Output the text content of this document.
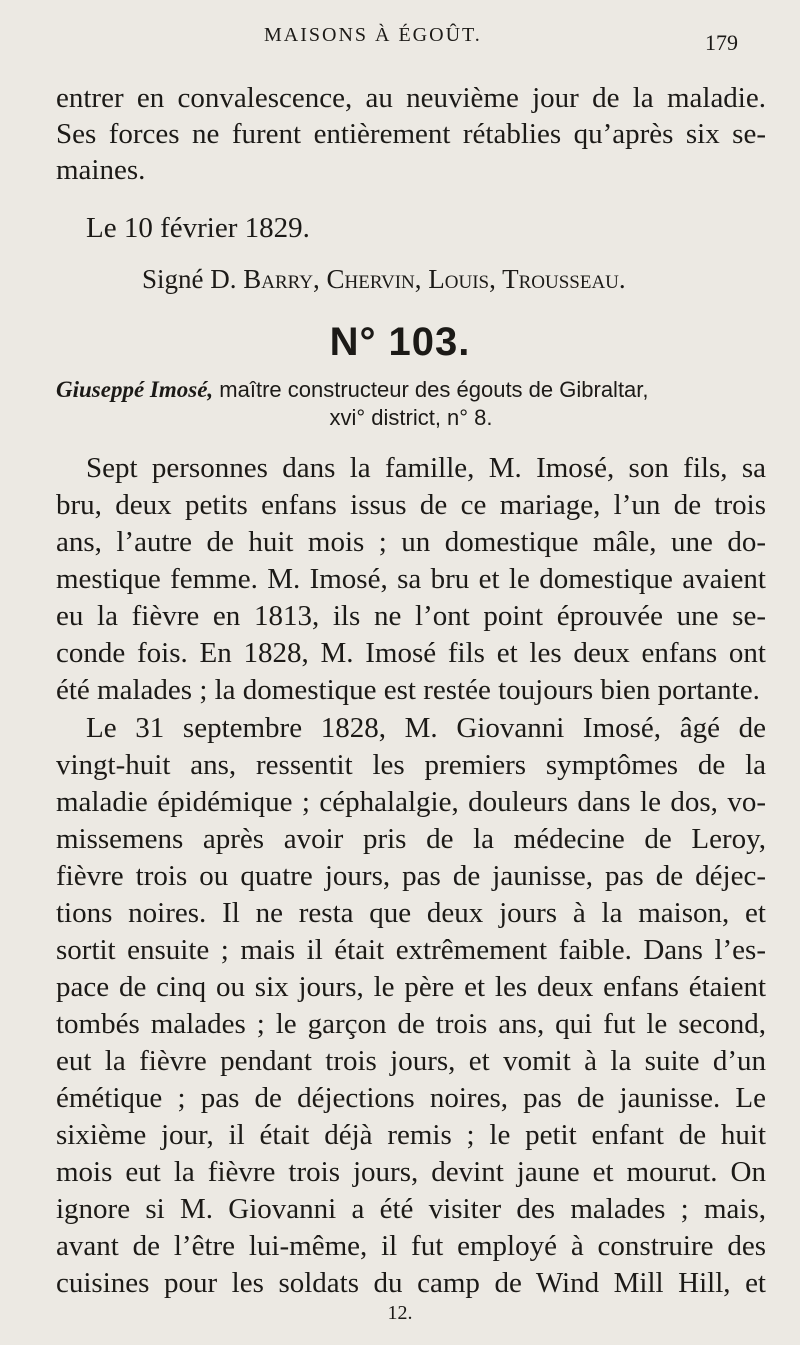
MAISONS À ÉGOÛT.	179
entrer en convalescence, au neuvième jour de la maladie.
Ses forces ne furent entièrement rétablies qu’après six se-
maines.
Le 10 février 1829.
Signé D. Barry, Chervin, Louis, Trousseau.
N° 103.
Giuseppé Imosé, maître constructeur des égouts de Gibraltar,
xvi° district, n° 8.
Sept personnes dans la famille, M. Imosé, son fils, sa
bru, deux petits enfans issus de ce mariage, l’un de trois
ans, l’autre de huit mois ; un domestique mâle, une do-
mestique femme. M. Imosé, sa bru et le domestique avaient
eu la fièvre en 1813, ils ne l’ont point éprouvée une se-
conde fois. En 1828, M. Imosé fils et les deux enfans ont
été malades ; la domestique est restée toujours bien portante.
Le 31 septembre 1828, M. Giovanni Imosé, âgé de
vingt-huit ans, ressentit les premiers symptômes de la
maladie épidémique ; céphalalgie, douleurs dans le dos, vo-
missemens après avoir pris de la médecine de Leroy,
fièvre trois ou quatre jours, pas de jaunisse, pas de déjec-
tions noires. Il ne resta que deux jours à la maison, et
sortit ensuite ; mais il était extrêmement faible. Dans l’es-
pace de cinq ou six jours, le père et les deux enfans étaient
tombés malades ; le garçon de trois ans, qui fut le second,
eut la fièvre pendant trois jours, et vomit à la suite d’un
émétique ; pas de déjections noires, pas de jaunisse. Le
sixième jour, il était déjà remis ; le petit enfant de huit
mois eut la fièvre trois jours, devint jaune et mourut. On
ignore si M. Giovanni a été visiter des malades ; mais,
avant de l’être lui-même, il fut employé à construire des
cuisines pour les soldats du camp de Wind Mill Hill, et
12.
